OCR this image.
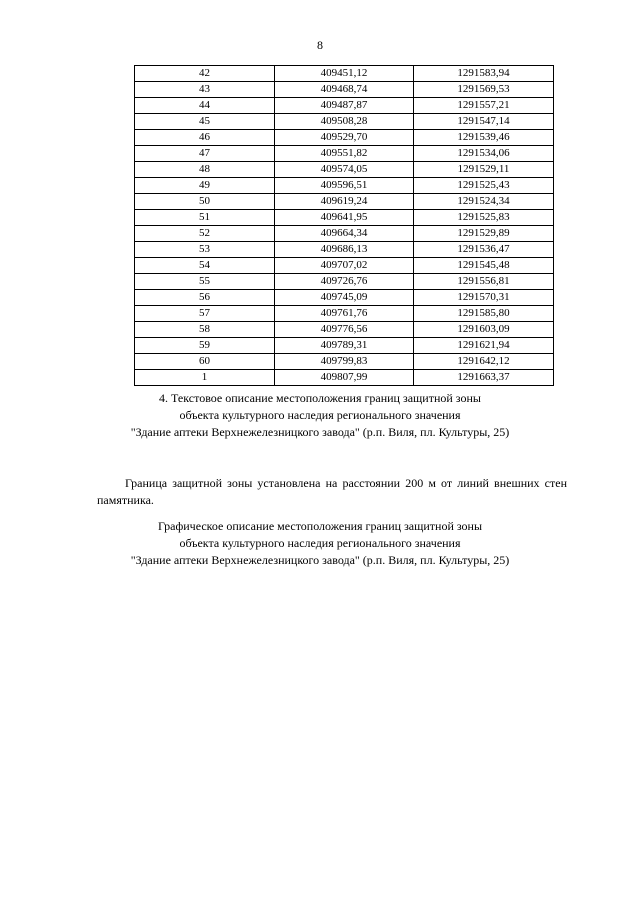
8
42	409451,12	1291583,94
43	409468,74	1291569,53
44	409487,87	1291557,21
45	409508,28	1291547,14
46	409529,70	1291539,46
47	409551,82	1291534,06
48	409574,05	1291529,11
49	409596,51	1291525,43
50	409619,24	1291524,34
51	409641,95	1291525,83
52	409664,34	1291529,89
53	409686,13	1291536,47
54	409707,02	1291545,48
55	409726,76	1291556,81
56	409745,09	1291570,31
57	409761,76	1291585,80
58	409776,56	1291603,09
59	409789,31	1291621,94
60	409799,83	1291642,12
1	409807,99	1291663,37
4. Текстовое описание местоположения границ защитной зоны
объекта культурного наследия регионального значения
"Здание аптеки Верхнежелезницкого завода" (р.п. Виля, пл. Культуры, 25)
Граница защитной зоны установлена на расстоянии 200 м от линий внешних стен
памятника.
Графическое описание местоположения границ защитной зоны
объекта культурного наследия регионального значения
"Здание аптеки Верхнежелезницкого завода" (р.п. Виля, пл. Культуры, 25)
